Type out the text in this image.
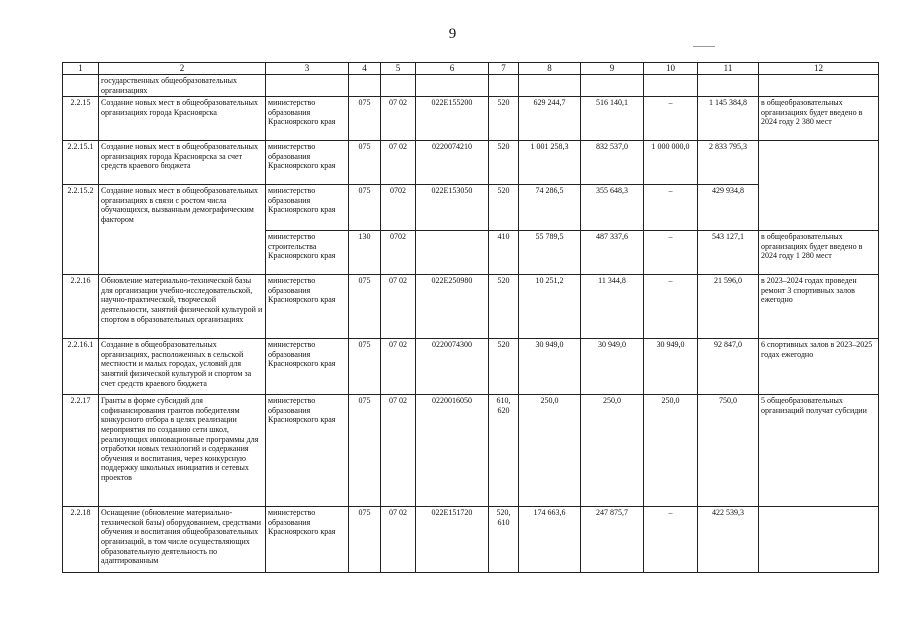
9
1	2	3	4	5	6	7	8	9	10	11	12
	государственных общеобразовательных организациях										
2.2.15	Создание новых мест в общеобразовательных организациях города Красноярска	министерство образования Красноярского края	075	07 02	022Е155200	520	629 244,7	516 140,1	–	1 145 384,8	в общеобразовательных организациях будет введено в 2024 году 2 380 мест
2.2.15.1	Создание новых мест в общеобразовательных организациях города Красноярска за счет средств краевого бюджета	министерство образования Красноярского края	075	07 02	0220074210	520	1 001 258,3	832 537,0	1 000 000,0	2 833 795,3	
2.2.15.2	Создание новых мест в общеобразовательных организациях в связи с ростом числа обучающихся, вызванным демографическим фактором	министерство образования Красноярского края	075	0702	022Е153050	520	74 286,5	355 648,3	–	429 934,8	
		министерство строительства Красноярского края	130	0702		410	55 789,5	487 337,6	–	543 127,1	в общеобразовательных организациях будет введено в 2024 году 1 280 мест
2.2.16	Обновление материально-технической базы для организации учебно-исследовательской, научно-практической, творческой деятельности, занятий физической культурой и спортом в образовательных организациях	министерство образования Красноярского края	075	07 02	022Е250980	520	10 251,2	11 344,8	–	21 596,0	в 2023–2024 годах проведен ремонт 3 спортивных залов ежегодно
2.2.16.1	Создание в общеобразовательных организациях, расположенных в сельской местности и малых городах, условий для занятий физической культурой и спортом за счет средств краевого бюджета	министерство образования Красноярского края	075	07 02	0220074300	520	30 949,0	30 949,0	30 949,0	92 847,0	6 спортивных залов в 2023–2025 годах ежегодно
2.2.17	Гранты в форме субсидий для софинансирования грантов победителям конкурсного отбора в целях реализации мероприятия по созданию сети школ, реализующих инновационные программы для отработки новых технологий и содержания обучения и воспитания, через конкурсную поддержку школьных инициатив и сетевых проектов	министерство образования Красноярского края	075	07 02	0220016050	610, 620	250,0	250,0	250,0	750,0	5 общеобразовательных организаций получат субсидии
2.2.18	Оснащение (обновление материально-технической базы) оборудованием, средствами обучения и воспитания общеобразовательных организаций, в том числе осуществляющих образовательную деятельность по адаптированным	министерство образования Красноярского края	075	07 02	022Е151720	520, 610	174 663,6	247 875,7	–	422 539,3	
